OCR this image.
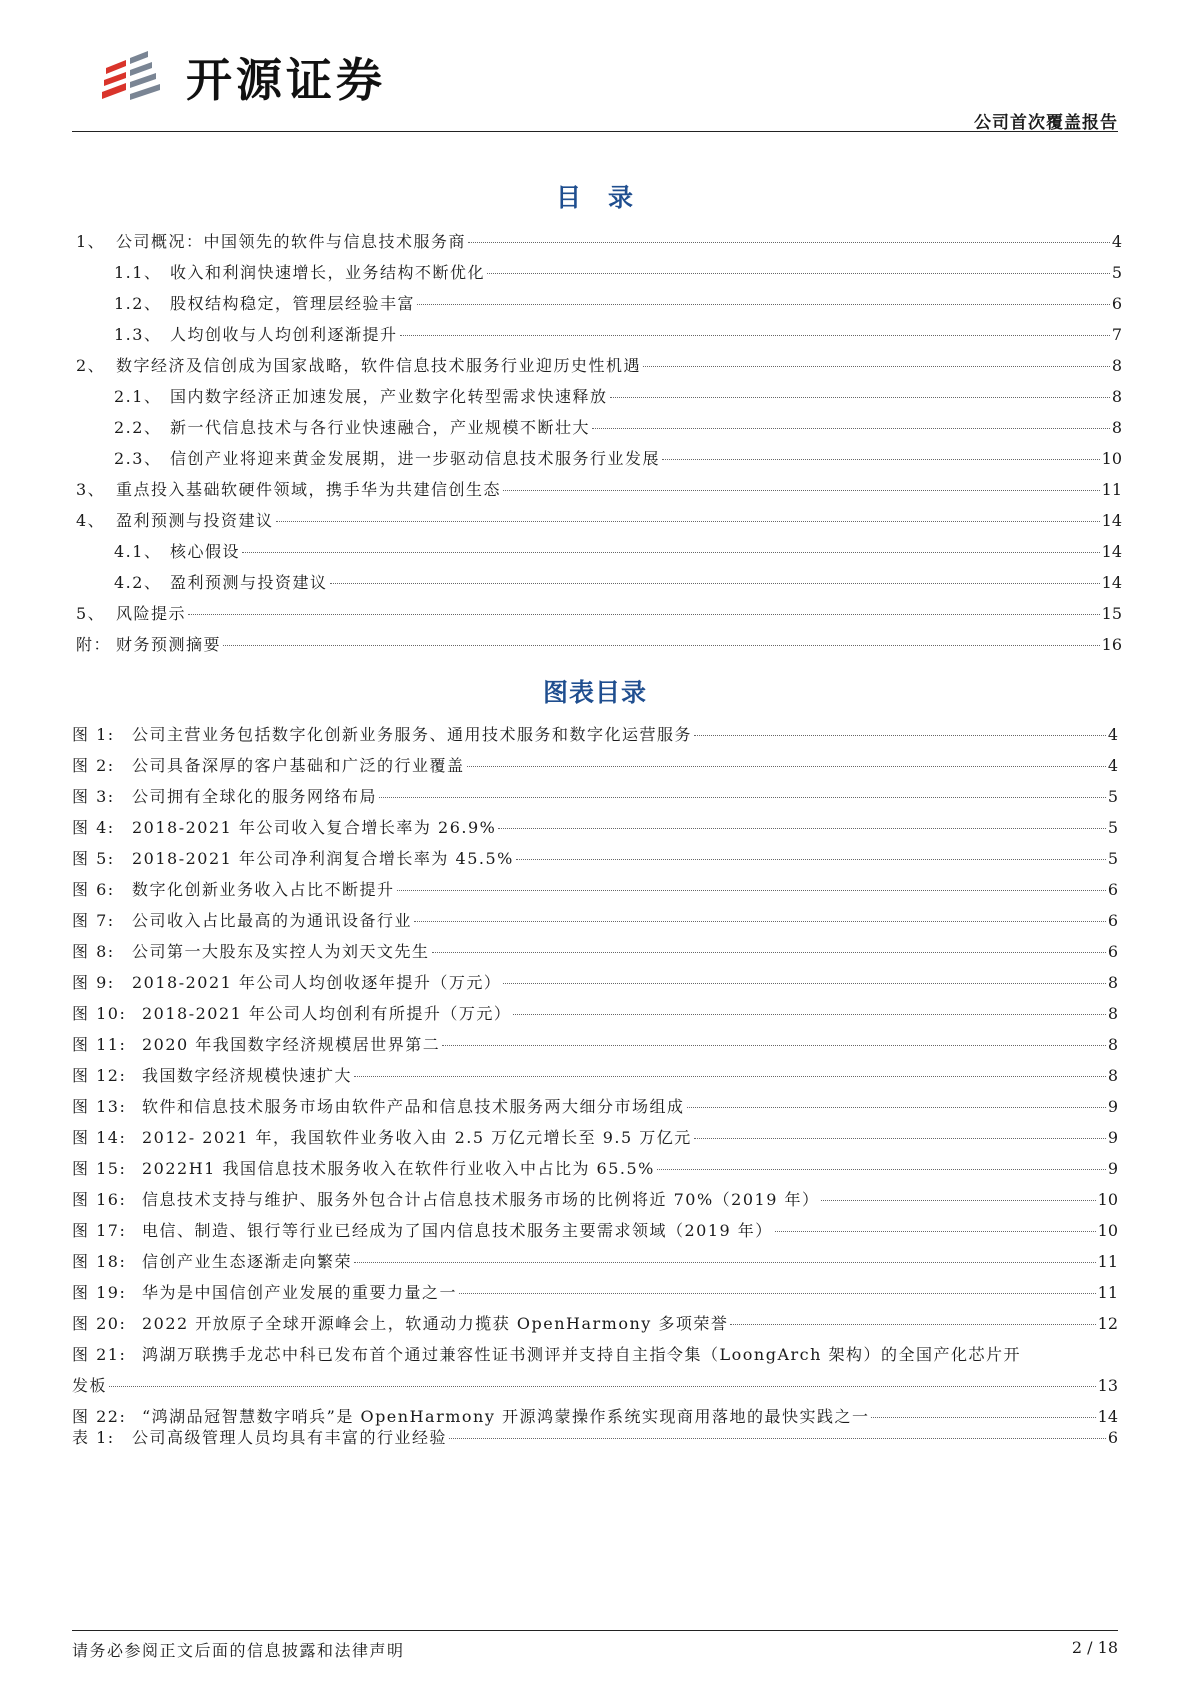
开源证券
公司首次覆盖报告
目　录
1、 公司概况：中国领先的软件与信息技术服务商	4
1.1、 收入和利润快速增长，业务结构不断优化	5
1.2、 股权结构稳定，管理层经验丰富	6
1.3、 人均创收与人均创利逐渐提升	7
2、 数字经济及信创成为国家战略，软件信息技术服务行业迎历史性机遇	8
2.1、 国内数字经济正加速发展，产业数字化转型需求快速释放	8
2.2、 新一代信息技术与各行业快速融合，产业规模不断壮大	8
2.3、 信创产业将迎来黄金发展期，进一步驱动信息技术服务行业发展	10
3、 重点投入基础软硬件领域，携手华为共建信创生态	11
4、 盈利预测与投资建议	14
4.1、 核心假设	14
4.2、 盈利预测与投资建议	14
5、 风险提示	15
附： 财务预测摘要	16
图表目录
图 1:	公司主营业务包括数字化创新业务服务、通用技术服务和数字化运营服务	4
图 2:	公司具备深厚的客户基础和广泛的行业覆盖	4
图 3:	公司拥有全球化的服务网络布局	5
图 4:	2018-2021 年公司收入复合增长率为 26.9%	5
图 5:	2018-2021 年公司净利润复合增长率为 45.5%	5
图 6:	数字化创新业务收入占比不断提升	6
图 7:	公司收入占比最高的为通讯设备行业	6
图 8:	公司第一大股东及实控人为刘天文先生	6
图 9:	2018-2021 年公司人均创收逐年提升（万元）	8
图 10: 2018-2021 年公司人均创利有所提升（万元）	8
图 11: 2020 年我国数字经济规模居世界第二	8
图 12: 我国数字经济规模快速扩大	8
图 13: 软件和信息技术服务市场由软件产品和信息技术服务两大细分市场组成	9
图 14: 2012- 2021 年，我国软件业务收入由 2.5 万亿元增长至 9.5 万亿元	9
图 15: 2022H1 我国信息技术服务收入在软件行业收入中占比为 65.5%	9
图 16: 信息技术支持与维护、服务外包合计占信息技术服务市场的比例将近 70%（2019 年）	10
图 17: 电信、制造、银行等行业已经成为了国内信息技术服务主要需求领域（2019 年）	10
图 18: 信创产业生态逐渐走向繁荣	11
图 19: 华为是中国信创产业发展的重要力量之一	11
图 20: 2022 开放原子全球开源峰会上，软通动力揽获 OpenHarmony 多项荣誉	12
图 21: 鸿湖万联携手龙芯中科已发布首个通过兼容性证书测评并支持自主指令集（LoongArch 架构）的全国产化芯片开
发板	13
图 22: “鸿湖品冠智慧数字哨兵”是 OpenHarmony 开源鸿蒙操作系统实现商用落地的最快实践之一	14
表 1:	公司高级管理人员均具有丰富的行业经验	6
请务必参阅正文后面的信息披露和法律声明	2 / 18
